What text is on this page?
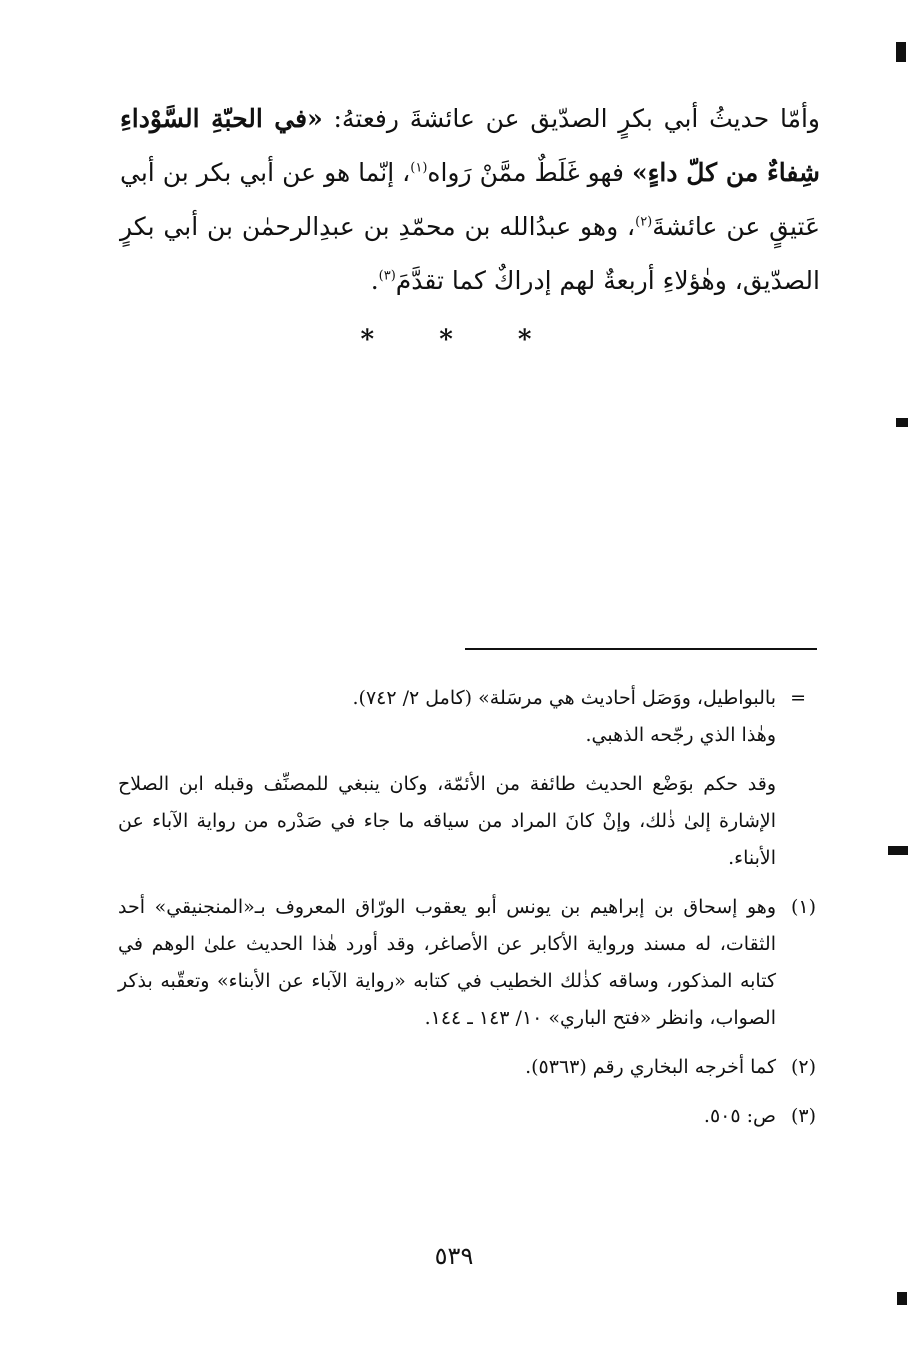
وأمّا حديثُ أبي بكرٍ الصدّيق عن عائشةَ رفعتهُ: «في الحبّةِ السَّوْداءِ شِفاءٌ من كلّ داءٍ» فهو غَلَطٌ ممَّنْ رَواه$^{(١)}$، إنّما هو عن أبي بكر بن أبي عَتيقٍ عن عائشةَ$^{(٢)}$، وهو عبدُالله بن محمّدِ بن عبدِالرحمٰن بن أبي بكرٍ الصدّيق، وهٰؤلاءِ أربعةٌ لهم إدراكٌ كما تقدَّمَ$^{(٣)}$.

* * *
=
بالبواطيل، ووَصَل أحاديث هي مرسَلة» (كامل ٢/ ٧٤٢).
وهٰذا الذي رجّحه الذهبي.
وقد حكم بوَضْع الحديث طائفة من الأئمّة، وكان ينبغي للمصنِّف وقبله ابن الصلاح الإشارة إلىٰ ذٰلك، وإنْ كانَ المراد من سياقه ما جاء في صَدْره من رواية الآباء عن الأبناء.
(١)
وهو إسحاق بن إبراهيم بن يونس أبو يعقوب الورّاق المعروف بـ«المنجنيقي» أحد الثقات، له مسند ورواية الأكابر عن الأصاغر، وقد أورد هٰذا الحديث علىٰ الوهم في كتابه المذكور، وساقه كذٰلك الخطيب في كتابه «رواية الآباء عن الأبناء» وتعقّبه بذكر الصواب، وانظر «فتح الباري» ١٠/ ١٤٣ ـ ١٤٤.
(٢)
كما أخرجه البخاري رقم (٥٣٦٣).
(٣)
ص: ٥٠٥.
٥٣٩
